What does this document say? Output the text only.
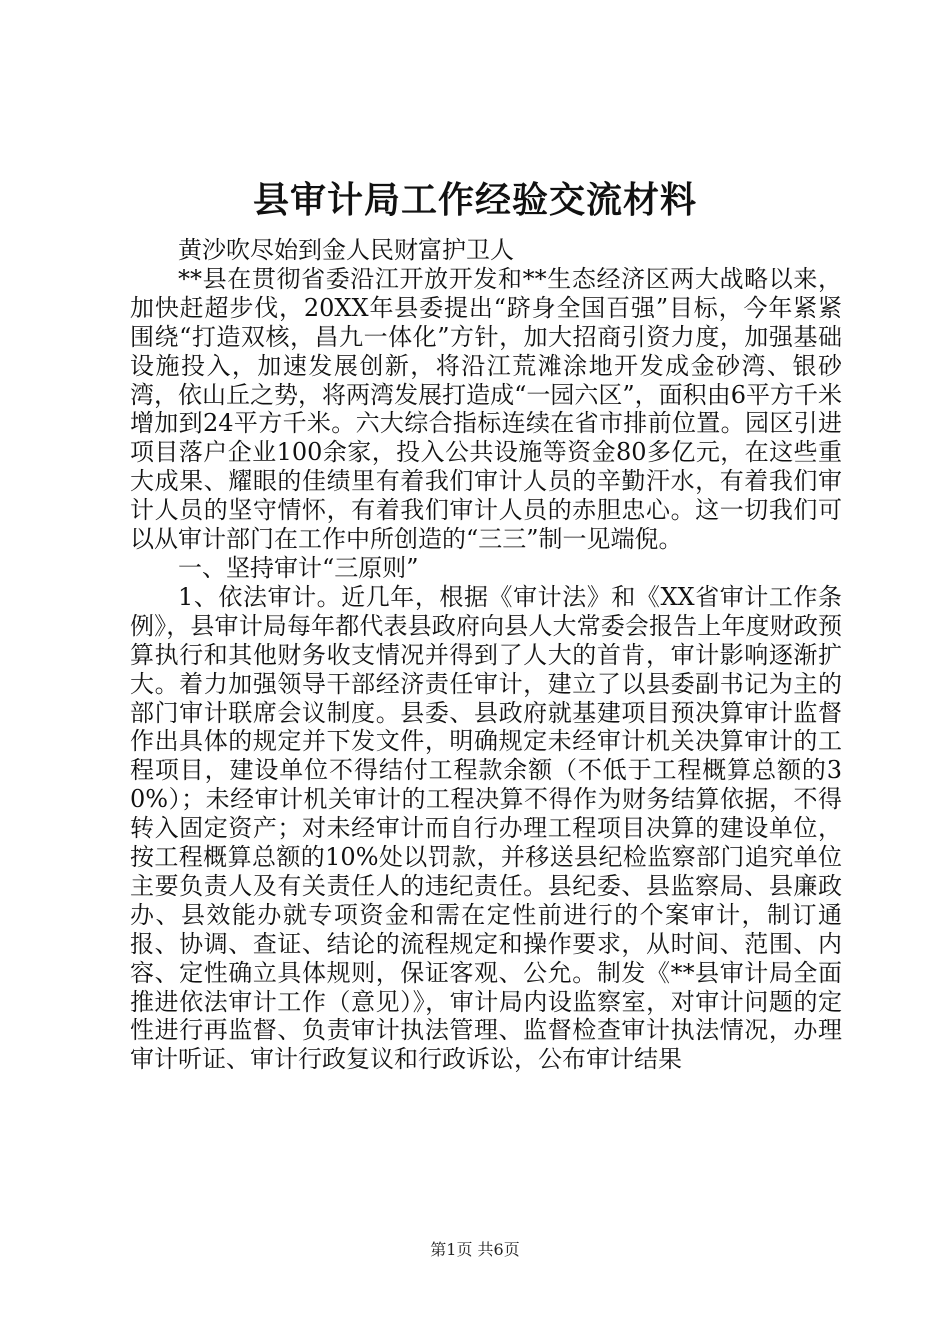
县审计局工作经验交流材料

黄沙吹尽始到金人民财富护卫人

**县在贯彻省委沿江开放开发和**生态经济区两大战略以来，加快赶超步伐，20XX年县委提出“跻身全国百强”目标，今年紧紧围绕“打造双核，昌九一体化”方针，加大招商引资力度，加强基础设施投入，加速发展创新，将沿江荒滩涂地开发成金砂湾、银砂湾，依山丘之势，将两湾发展打造成“一园六区”，面积由6平方千米增加到24平方千米。六大综合指标连续在省市排前位置。园区引进项目落户企业100余家，投入公共设施等资金80多亿元，在这些重大成果、耀眼的佳绩里有着我们审计人员的辛勤汗水，有着我们审计人员的坚守情怀，有着我们审计人员的赤胆忠心。这一切我们可以从审计部门在工作中所创造的“三三”制一见端倪。

一、坚持审计“三原则”

1、依法审计。近几年，根据《审计法》和《XX省审计工作条例》，县审计局每年都代表县政府向县人大常委会报告上年度财政预算执行和其他财务收支情况并得到了人大的首肯，审计影响逐渐扩大。着力加强领导干部经济责任审计，建立了以县委副书记为主的部门审计联席会议制度。县委、县政府就基建项目预决算审计监督作出具体的规定并下发文件，明确规定未经审计机关决算审计的工程项目，建设单位不得结付工程款余额（不低于工程概算总额的30%）；未经审计机关审计的工程决算不得作为财务结算依据，不得转入固定资产；对未经审计而自行办理工程项目决算的建设单位，按工程概算总额的10%处以罚款，并移送县纪检监察部门追究单位主要负责人及有关责任人的违纪责任。县纪委、县监察局、县廉政办、县效能办就专项资金和需在定性前进行的个案审计，制订通报、协调、查证、结论的流程规定和操作要求，从时间、范围、内容、定性确立具体规则，保证客观、公允。制发《**县审计局全面推进依法审计工作（意见）》，审计局内设监察室，对审计问题的定性进行再监督、负责审计执法管理、监督检查审计执法情况，办理审计听证、审计行政复议和行政诉讼，公布审计结果

第1页 共6页
